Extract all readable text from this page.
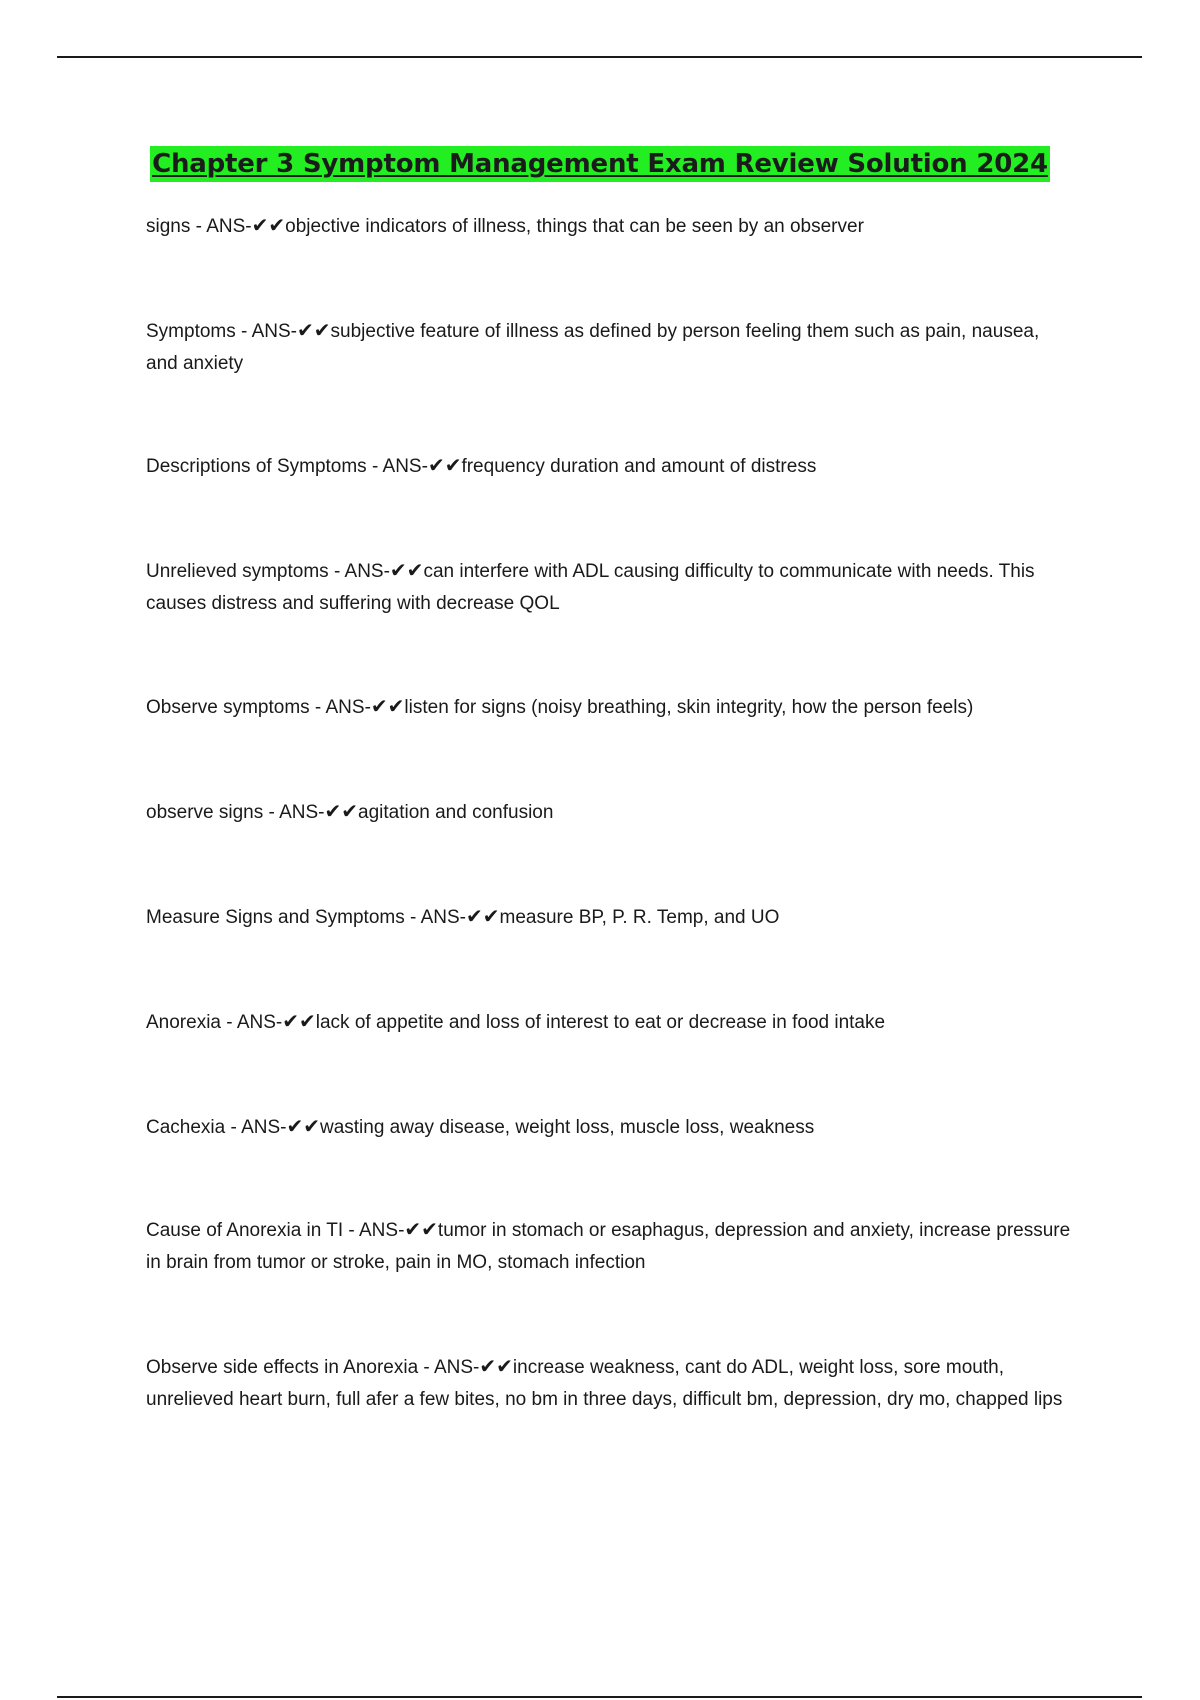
Chapter 3 Symptom Management Exam Review Solution 2024

signs - ANS-✔✔objective indicators of illness, things that can be seen by an observer

Symptoms - ANS-✔✔subjective feature of illness as defined by person feeling them such as pain, nausea, and anxiety

Descriptions of Symptoms - ANS-✔✔frequency duration and amount of distress

Unrelieved symptoms - ANS-✔✔can interfere with ADL causing difficulty to communicate with needs. This causes distress and suffering with decrease QOL

Observe symptoms - ANS-✔✔listen for signs (noisy breathing, skin integrity, how the person feels)

observe signs - ANS-✔✔agitation and confusion

Measure Signs and Symptoms - ANS-✔✔measure BP, P. R. Temp, and UO

Anorexia - ANS-✔✔lack of appetite and loss of interest to eat or decrease in food intake

Cachexia - ANS-✔✔wasting away disease, weight loss, muscle loss, weakness

Cause of Anorexia in TI - ANS-✔✔tumor in stomach or esaphagus, depression and anxiety, increase pressure in brain from tumor or stroke, pain in MO, stomach infection

Observe side effects in Anorexia - ANS-✔✔increase weakness, cant do ADL, weight loss, sore mouth, unrelieved heart burn, full afer a few bites, no bm in three days, difficult bm, depression, dry mo, chapped lips
